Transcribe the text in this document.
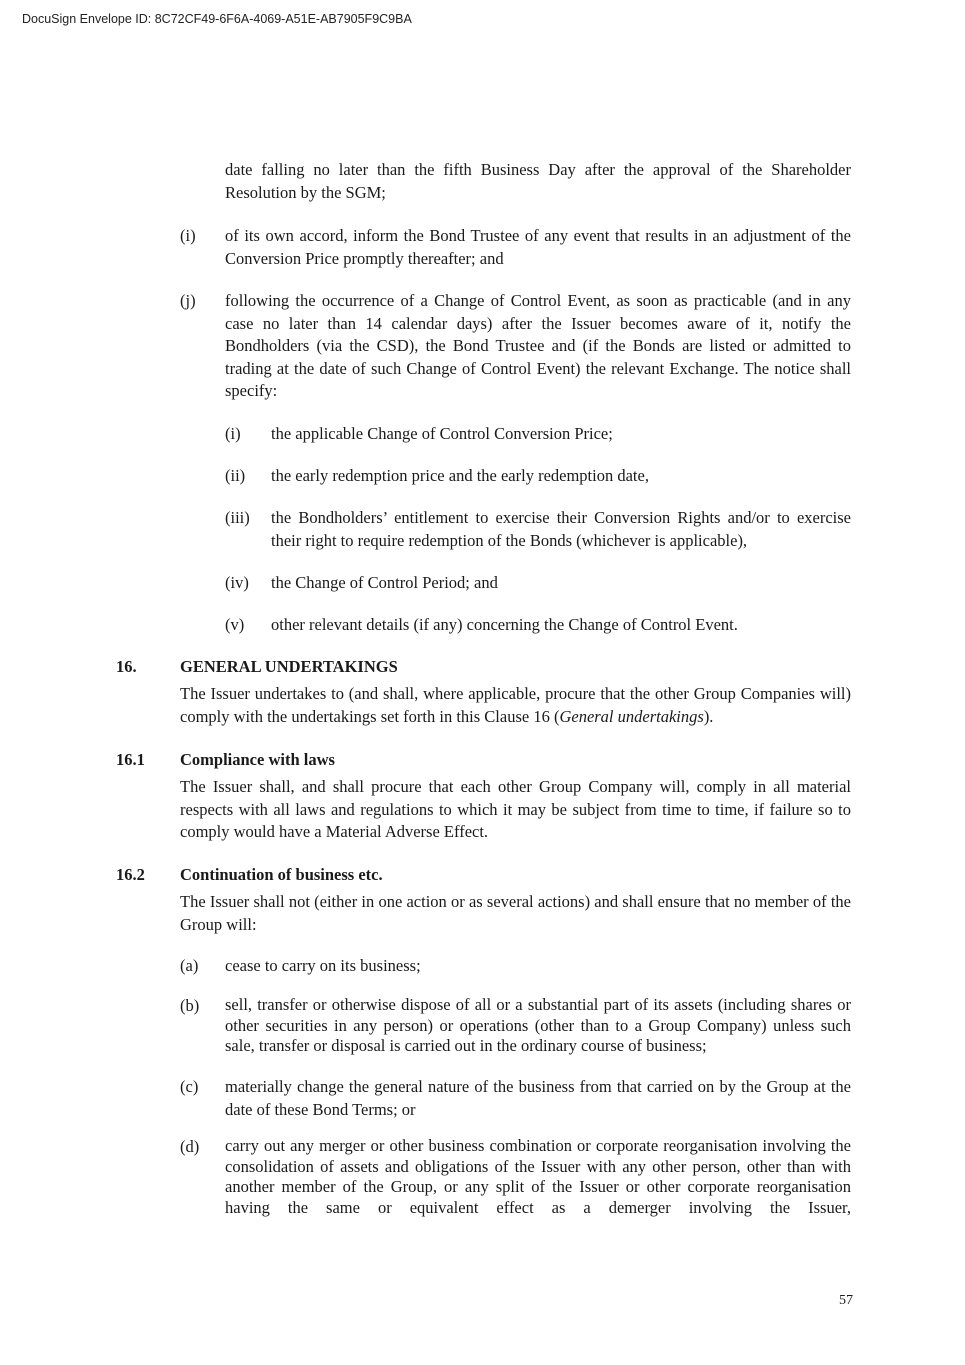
DocuSign Envelope ID: 8C72CF49-6F6A-4069-A51E-AB7905F9C9BA
date falling no later than the fifth Business Day after the approval of the Shareholder Resolution by the SGM;
(i) of its own accord, inform the Bond Trustee of any event that results in an adjustment of the Conversion Price promptly thereafter; and
(j) following the occurrence of a Change of Control Event, as soon as practicable (and in any case no later than 14 calendar days) after the Issuer becomes aware of it, notify the Bondholders (via the CSD), the Bond Trustee and (if the Bonds are listed or admitted to trading at the date of such Change of Control Event) the relevant Exchange. The notice shall specify:
(i) the applicable Change of Control Conversion Price;
(ii) the early redemption price and the early redemption date,
(iii) the Bondholders’ entitlement to exercise their Conversion Rights and/or to exercise their right to require redemption of the Bonds (whichever is applicable),
(iv) the Change of Control Period; and
(v) other relevant details (if any) concerning the Change of Control Event.
16.	GENERAL UNDERTAKINGS
The Issuer undertakes to (and shall, where applicable, procure that the other Group Companies will) comply with the undertakings set forth in this Clause 16 (General undertakings).
16.1 Compliance with laws
The Issuer shall, and shall procure that each other Group Company will, comply in all material respects with all laws and regulations to which it may be subject from time to time, if failure so to comply would have a Material Adverse Effect.
16.2 Continuation of business etc.
The Issuer shall not (either in one action or as several actions) and shall ensure that no member of the Group will:
(a) cease to carry on its business;
(b) sell, transfer or otherwise dispose of all or a substantial part of its assets (including shares or other securities in any person) or operations (other than to a Group Company) unless such sale, transfer or disposal is carried out in the ordinary course of business;
(c) materially change the general nature of the business from that carried on by the Group at the date of these Bond Terms; or
(d) carry out any merger or other business combination or corporate reorganisation involving the consolidation of assets and obligations of the Issuer with any other person, other than with another member of the Group, or any split of the Issuer or other corporate reorganisation having the same or equivalent effect as a demerger involving the Issuer,
57
